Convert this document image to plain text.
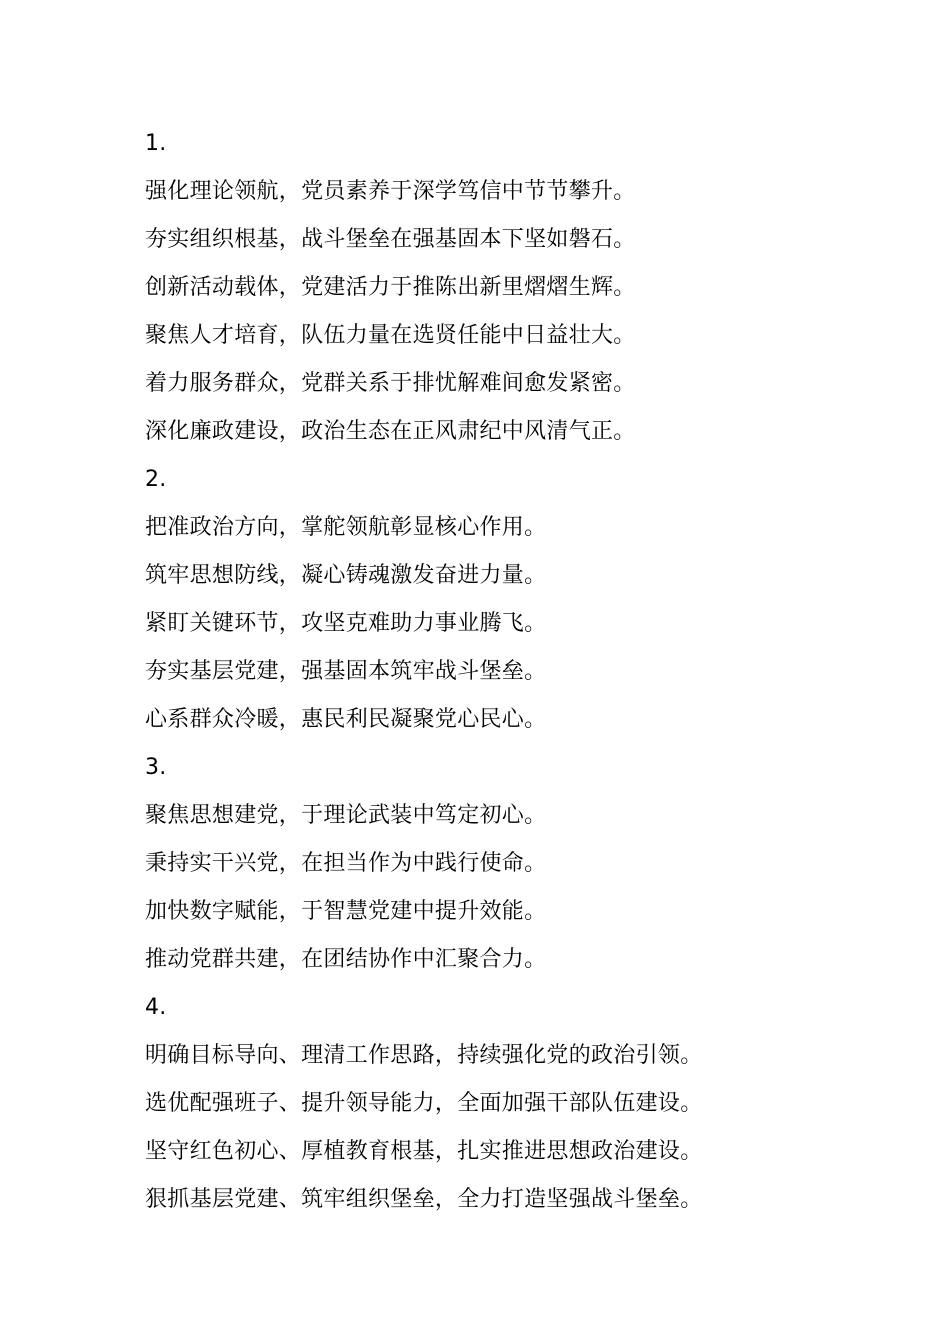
1.
强化理论领航，党员素养于深学笃信中节节攀升。
夯实组织根基，战斗堡垒在强基固本下坚如磐石。
创新活动载体，党建活力于推陈出新里熠熠生辉。
聚焦人才培育，队伍力量在选贤任能中日益壮大。
着力服务群众，党群关系于排忧解难间愈发紧密。
深化廉政建设，政治生态在正风肃纪中风清气正。
2.
把准政治方向，掌舵领航彰显核心作用。
筑牢思想防线，凝心铸魂激发奋进力量。
紧盯关键环节，攻坚克难助力事业腾飞。
夯实基层党建，强基固本筑牢战斗堡垒。
心系群众冷暖，惠民利民凝聚党心民心。
3.
聚焦思想建党，于理论武装中笃定初心。
秉持实干兴党，在担当作为中践行使命。
加快数字赋能，于智慧党建中提升效能。
推动党群共建，在团结协作中汇聚合力。
4.
明确目标导向、理清工作思路，持续强化党的政治引领。
选优配强班子、提升领导能力，全面加强干部队伍建设。
坚守红色初心、厚植教育根基，扎实推进思想政治建设。
狠抓基层党建、筑牢组织堡垒，全力打造坚强战斗堡垒。
